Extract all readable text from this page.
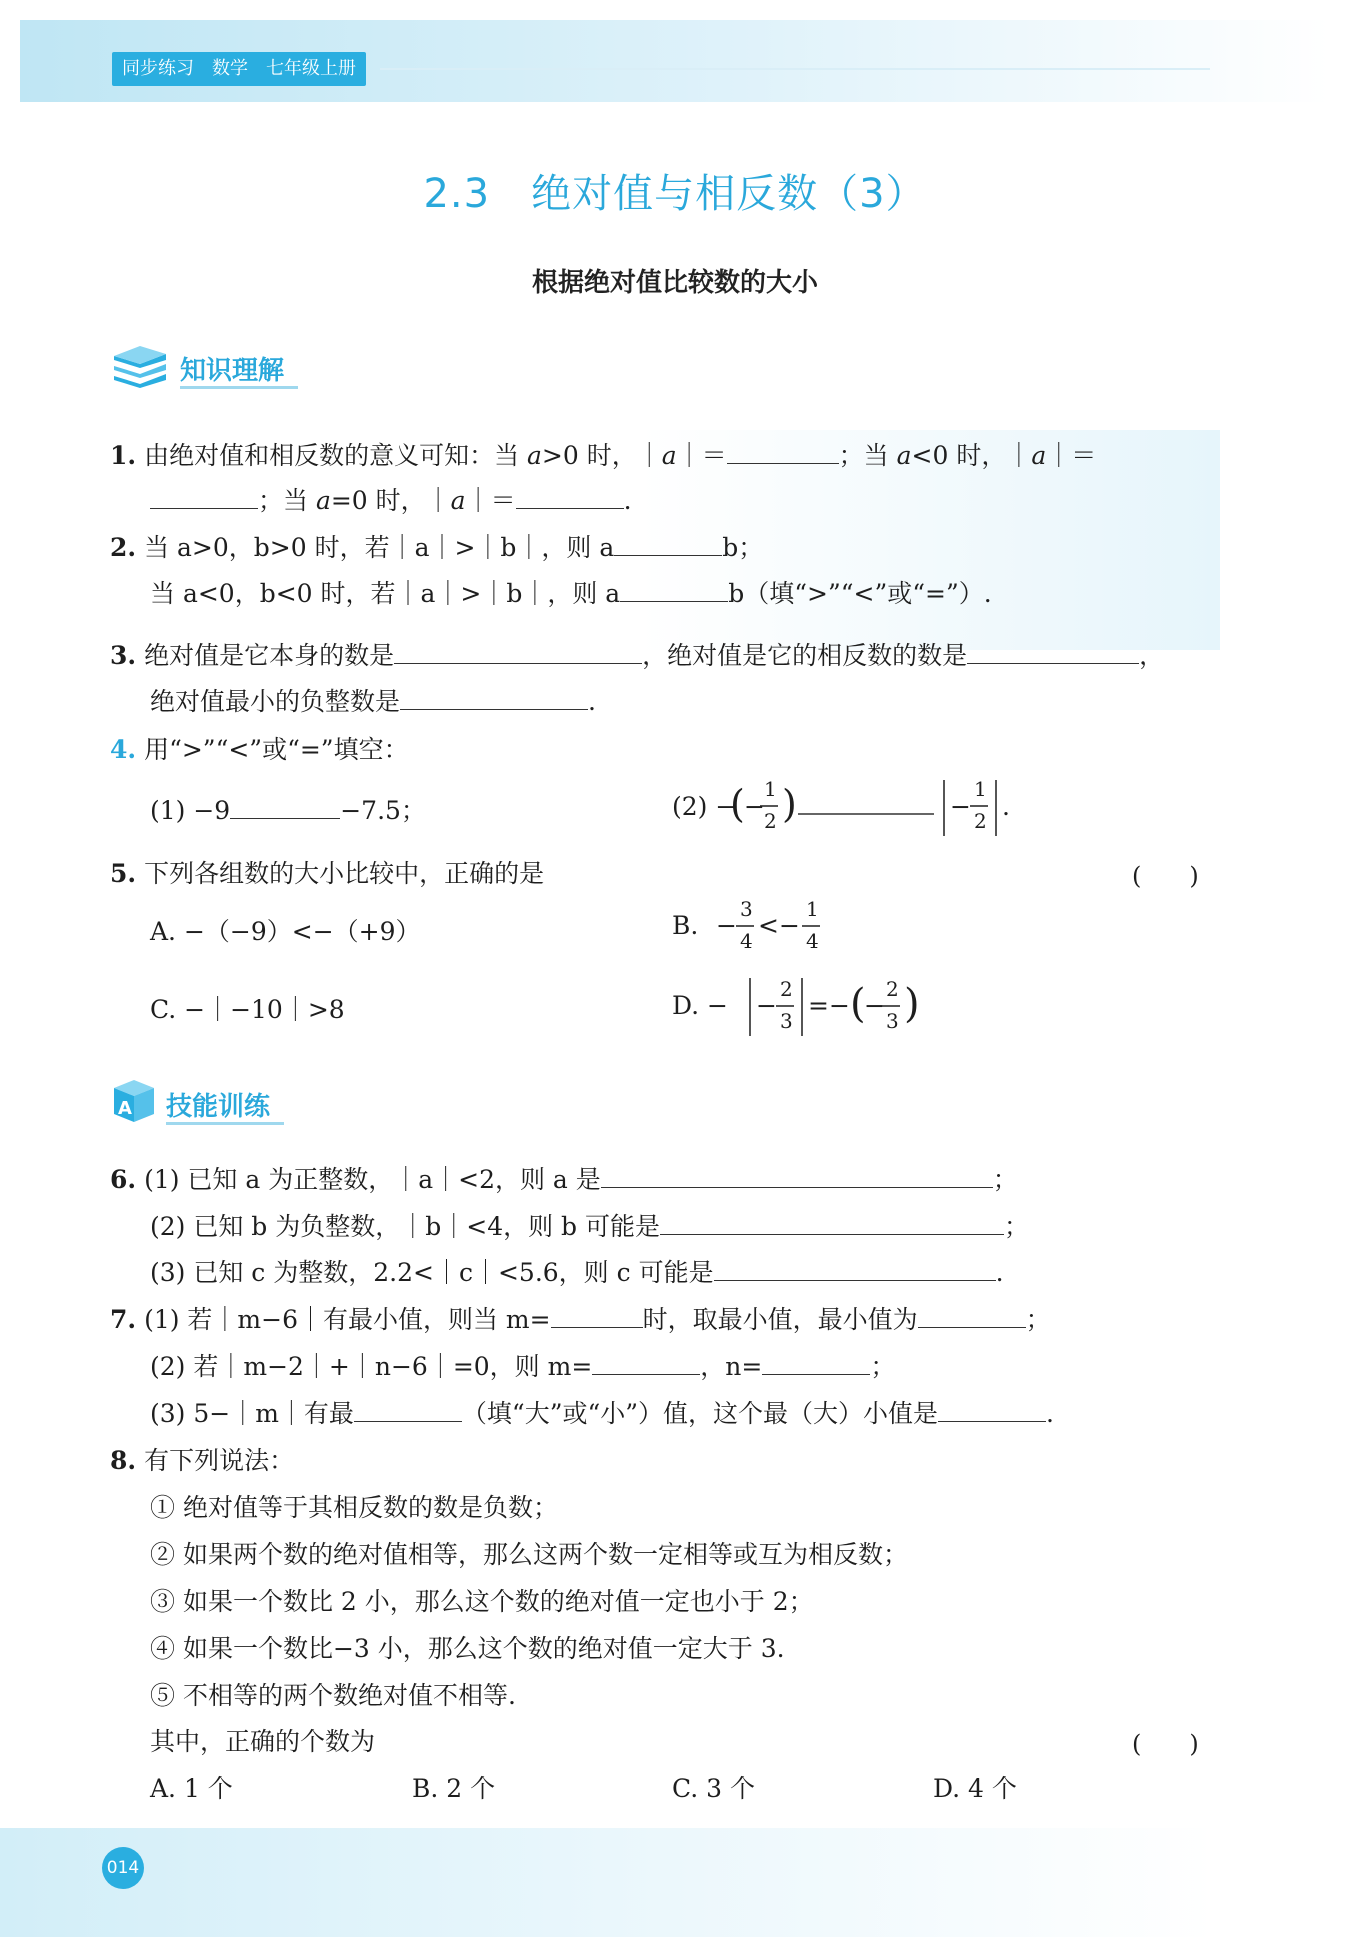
同步练习　数学　七年级上册
2.3　绝对值与相反数（3）
根据绝对值比较数的大小
知识理解
1. 由绝对值和相反数的意义可知：当 a>0 时，｜a｜＝	；当 a<0 时，｜a｜＝
；当 a=0 时，｜a｜＝	.
2. 当 a>0，b>0 时，若｜a｜>｜b｜，则 a	b；
当 a<0，b<0 时，若｜a｜>｜b｜，则 a	b（填“>”“<”或“=”）.
3. 绝对值是它本身的数是	，绝对值是它的相反数的数是	，
绝对值最小的负整数是	.
4. 用“>”“<”或“=”填空：
(1) −9	−7.5；	(2) −
( −
1
2 )	−
1
2 .
5. 下列各组数的大小比较中，正确的是	(　　)
A. −（−9）<−（+9）	B. −
3
4
<−
1
4
C. −｜−10｜>8	D. − −
2
3
=− (
−
2
3 )
A 技能训练
6. (1) 已知 a 为正整数，｜a｜<2，则 a 是	；
(2) 已知 b 为负整数，｜b｜<4，则 b 可能是	；
(3) 已知 c 为整数，2.2<｜c｜<5.6，则 c 可能是	.
7. (1) 若｜m−6｜有最小值，则当 m=	时，取最小值，最小值为	；
(2) 若｜m−2｜+｜n−6｜=0，则 m=	，n=	；
(3) 5−｜m｜有最	（填“大”或“小”）值，这个最（大）小值是	.
8. 有下列说法：
① 绝对值等于其相反数的数是负数；
② 如果两个数的绝对值相等，那么这两个数一定相等或互为相反数；
③ 如果一个数比 2 小，那么这个数的绝对值一定也小于 2；
④ 如果一个数比−3 小，那么这个数的绝对值一定大于 3.
⑤ 不相等的两个数绝对值不相等.
其中，正确的个数为	(　　)
A. 1 个	B. 2 个	C. 3 个	D. 4 个
014
